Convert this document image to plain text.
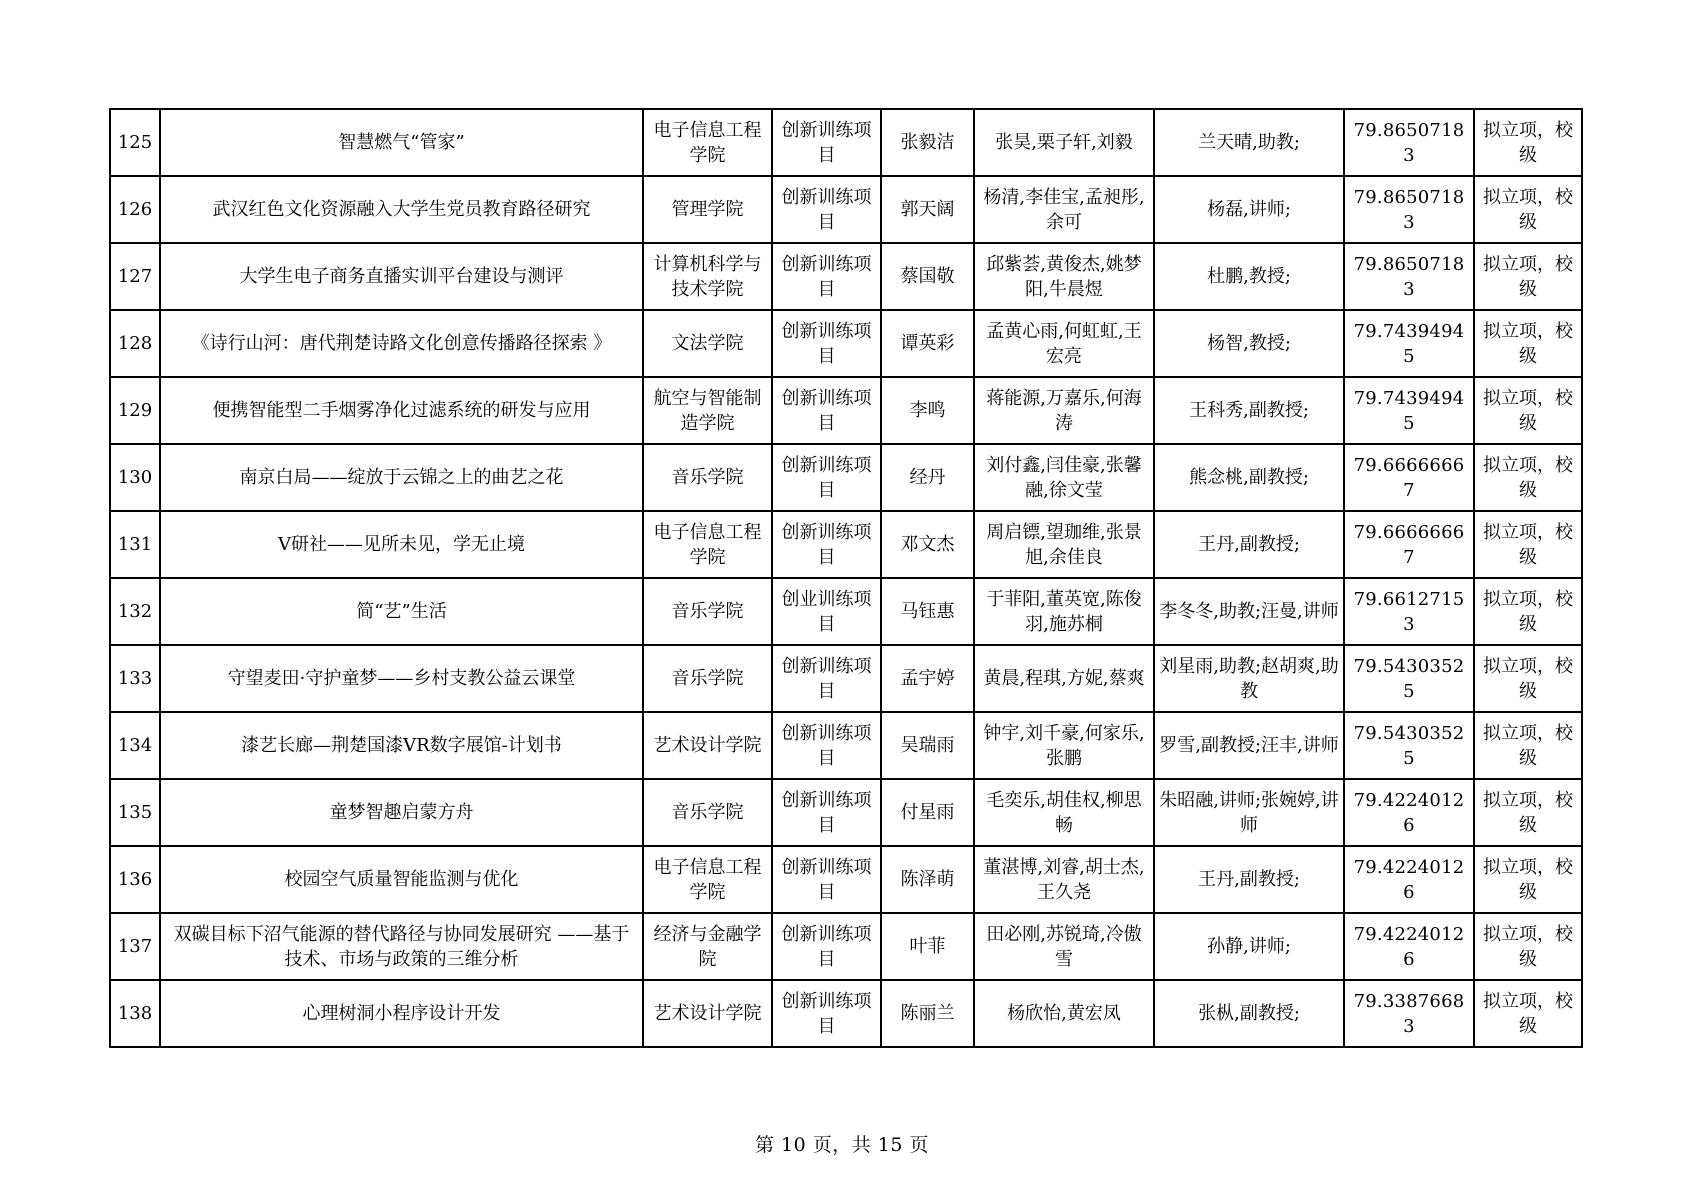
125	智慧燃气“管家”	电子信息工程学院	创新训练项目	张毅洁	张昊,栗子轩,刘毅	兰天晴,助教;	79.86507183	拟立项，校级
126	武汉红色文化资源融入大学生党员教育路径研究	管理学院	创新训练项目	郭天阔	杨清,李佳宝,孟昶彤,余可	杨磊,讲师;	79.86507183	拟立项，校级
127	大学生电子商务直播实训平台建设与测评	计算机科学与技术学院	创新训练项目	蔡国敬	邱紫荟,黄俊杰,姚梦阳,牛晨煜	杜鹏,教授;	79.86507183	拟立项，校级
128	《诗行山河：唐代荆楚诗路文化创意传播路径探索 》	文法学院	创新训练项目	谭英彩	孟黄心雨,何虹虹,王宏亮	杨智,教授;	79.74394945	拟立项，校级
129	便携智能型二手烟雾净化过滤系统的研发与应用	航空与智能制造学院	创新训练项目	李鸣	蒋能源,万嘉乐,何海涛	王科秀,副教授;	79.74394945	拟立项，校级
130	南京白局——绽放于云锦之上的曲艺之花	音乐学院	创新训练项目	经丹	刘付鑫,闫佳豪,张馨融,徐文莹	熊念桃,副教授;	79.66666667	拟立项，校级
131	V研社——见所未见，学无止境	电子信息工程学院	创新训练项目	邓文杰	周启镖,望珈维,张景旭,余佳良	王丹,副教授;	79.66666667	拟立项，校级
132	简“艺”生活	音乐学院	创业训练项目	马钰惠	于菲阳,董英宽,陈俊羽,施苏桐	李冬冬,助教;汪曼,讲师	79.66127153	拟立项，校级
133	守望麦田·守护童梦——乡村支教公益云课堂	音乐学院	创新训练项目	孟宇婷	黄晨,程琪,方妮,蔡爽	刘星雨,助教;赵胡爽,助教	79.54303525	拟立项，校级
134	漆艺长廊—荆楚国漆VR数字展馆-计划书	艺术设计学院	创新训练项目	吴瑞雨	钟宇,刘千豪,何家乐,张鹏	罗雪,副教授;汪丰,讲师	79.54303525	拟立项，校级
135	童梦智趣启蒙方舟	音乐学院	创新训练项目	付星雨	毛奕乐,胡佳权,柳思畅	朱昭融,讲师;张婉婷,讲师	79.42240126	拟立项，校级
136	校园空气质量智能监测与优化	电子信息工程学院	创新训练项目	陈泽萌	董湛博,刘睿,胡士杰,王久尧	王丹,副教授;	79.42240126	拟立项，校级
137	双碳目标下沼气能源的替代路径与协同发展研究 ——基于技术、市场与政策的三维分析	经济与金融学院	创新训练项目	叶菲	田必刚,苏锐琦,冷傲雪	孙静,讲师;	79.42240126	拟立项，校级
138	心理树洞小程序设计开发	艺术设计学院	创新训练项目	陈丽兰	杨欣怡,黄宏凤	张枞,副教授;	79.33876683	拟立项，校级
第 10 页，共 15 页
